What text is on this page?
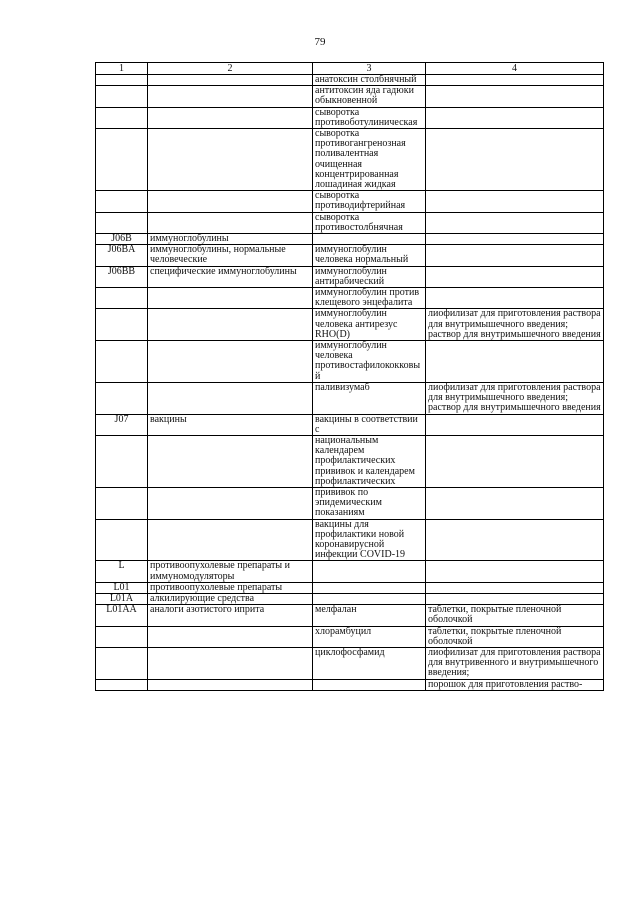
79
1	2	3	4
		анатоксин столбнячный	
		антитоксин яда гадюки обыкновенной	
		сыворотка противоботулиническая	
		сыворотка противогангренозная поливалентная очищенная концентрированная лошадиная жидкая	
		сыворотка противодифтерийная	
		сыворотка противостолбнячная	
J06B	иммуноглобулины		
J06BA	иммуноглобулины, нормальные человеческие	иммуноглобулин человека нормальный	
J06BB	специфические иммуноглобулины	иммуноглобулин антирабический	
		иммуноглобулин против клещевого энцефалита	
		иммуноглобулин человека антирезус RHO(D)	лиофилизат для приготовления раствора для внутримышечного введения; раствор для внутримышечного введения
		иммуноглобулин человека противостафилококковый	
		паливизумаб	лиофилизат для приготовления раствора для внутримышечного введения; раствор для внутримышечного введения
J07	вакцины	вакцины в соответствии с	
		национальным календарем профилактических прививок и календарем профилактических	
		прививок по эпидемическим показаниям	
		вакцины для профилактики новой коронавирусной инфекции COVID-19	
L	противоопухолевые препараты и иммуномодуляторы		
L01	противоопухолевые препараты		
L01A	алкилирующие средства		
L01AA	аналоги азотистого иприта	мелфалан	таблетки, покрытые пленочной оболочкой
		хлорамбуцил	таблетки, покрытые пленочной оболочкой
		циклофосфамид	лиофилизат для приготовления раствора для внутривенного и внутримышечного введения;
			порошок для приготовления раство-
